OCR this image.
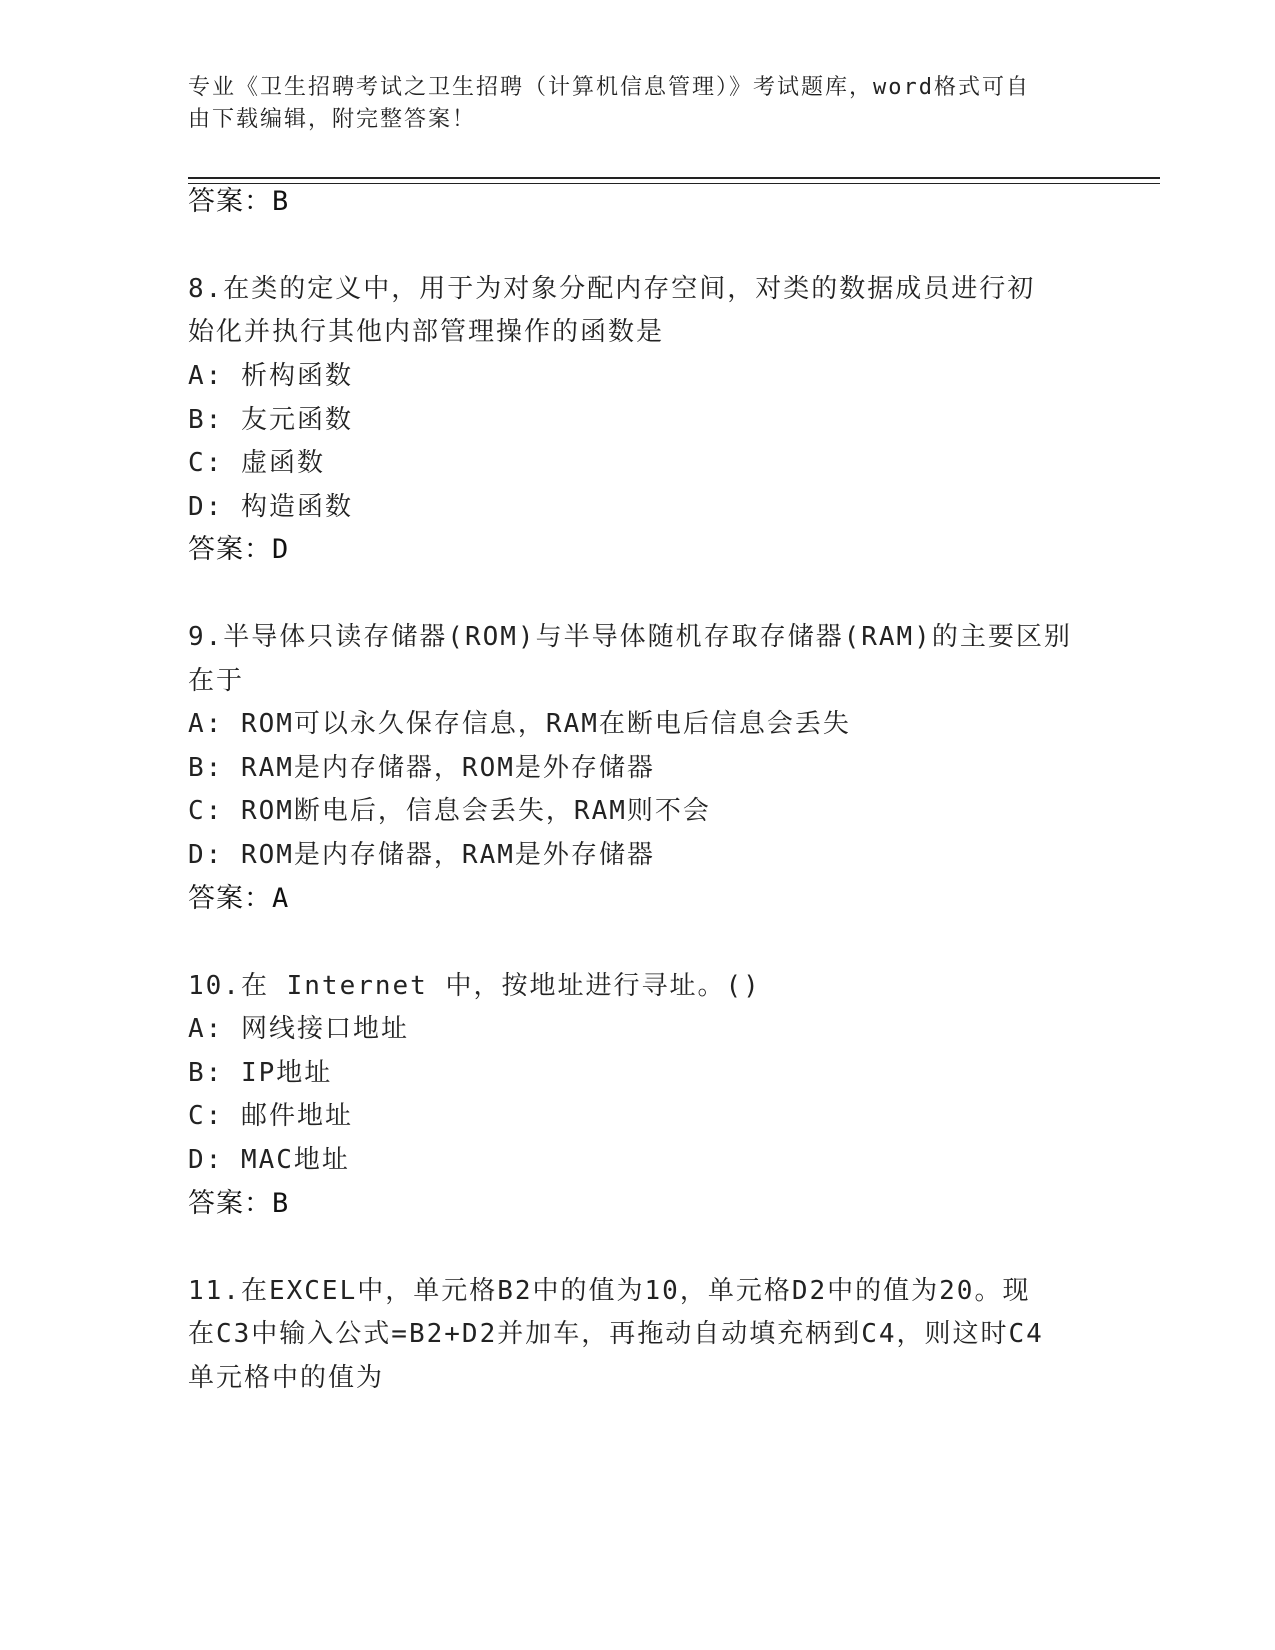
专业《卫生招聘考试之卫生招聘（计算机信息管理）》考试题库，word格式可自
由下载编辑，附完整答案！
答案：B
8.在类的定义中，用于为对象分配内存空间，对类的数据成员进行初
始化并执行其他内部管理操作的函数是
A: 析构函数
B: 友元函数
C: 虚函数
D: 构造函数
答案：D
9.半导体只读存储器(ROM)与半导体随机存取存储器(RAM)的主要区别
在于
A: ROM可以永久保存信息，RAM在断电后信息会丢失
B: RAM是内存储器，ROM是外存储器
C: ROM断电后，信息会丢失，RAM则不会
D: ROM是内存储器，RAM是外存储器
答案：A
10.在 Internet 中，按地址进行寻址。()
A: 网线接口地址
B: IP地址
C: 邮件地址
D: MAC地址
答案：B
11.在EXCEL中，单元格B2中的值为10，单元格D2中的值为20。现
在C3中输入公式=B2+D2并加车，再拖动自动填充柄到C4，则这时C4
单元格中的值为
